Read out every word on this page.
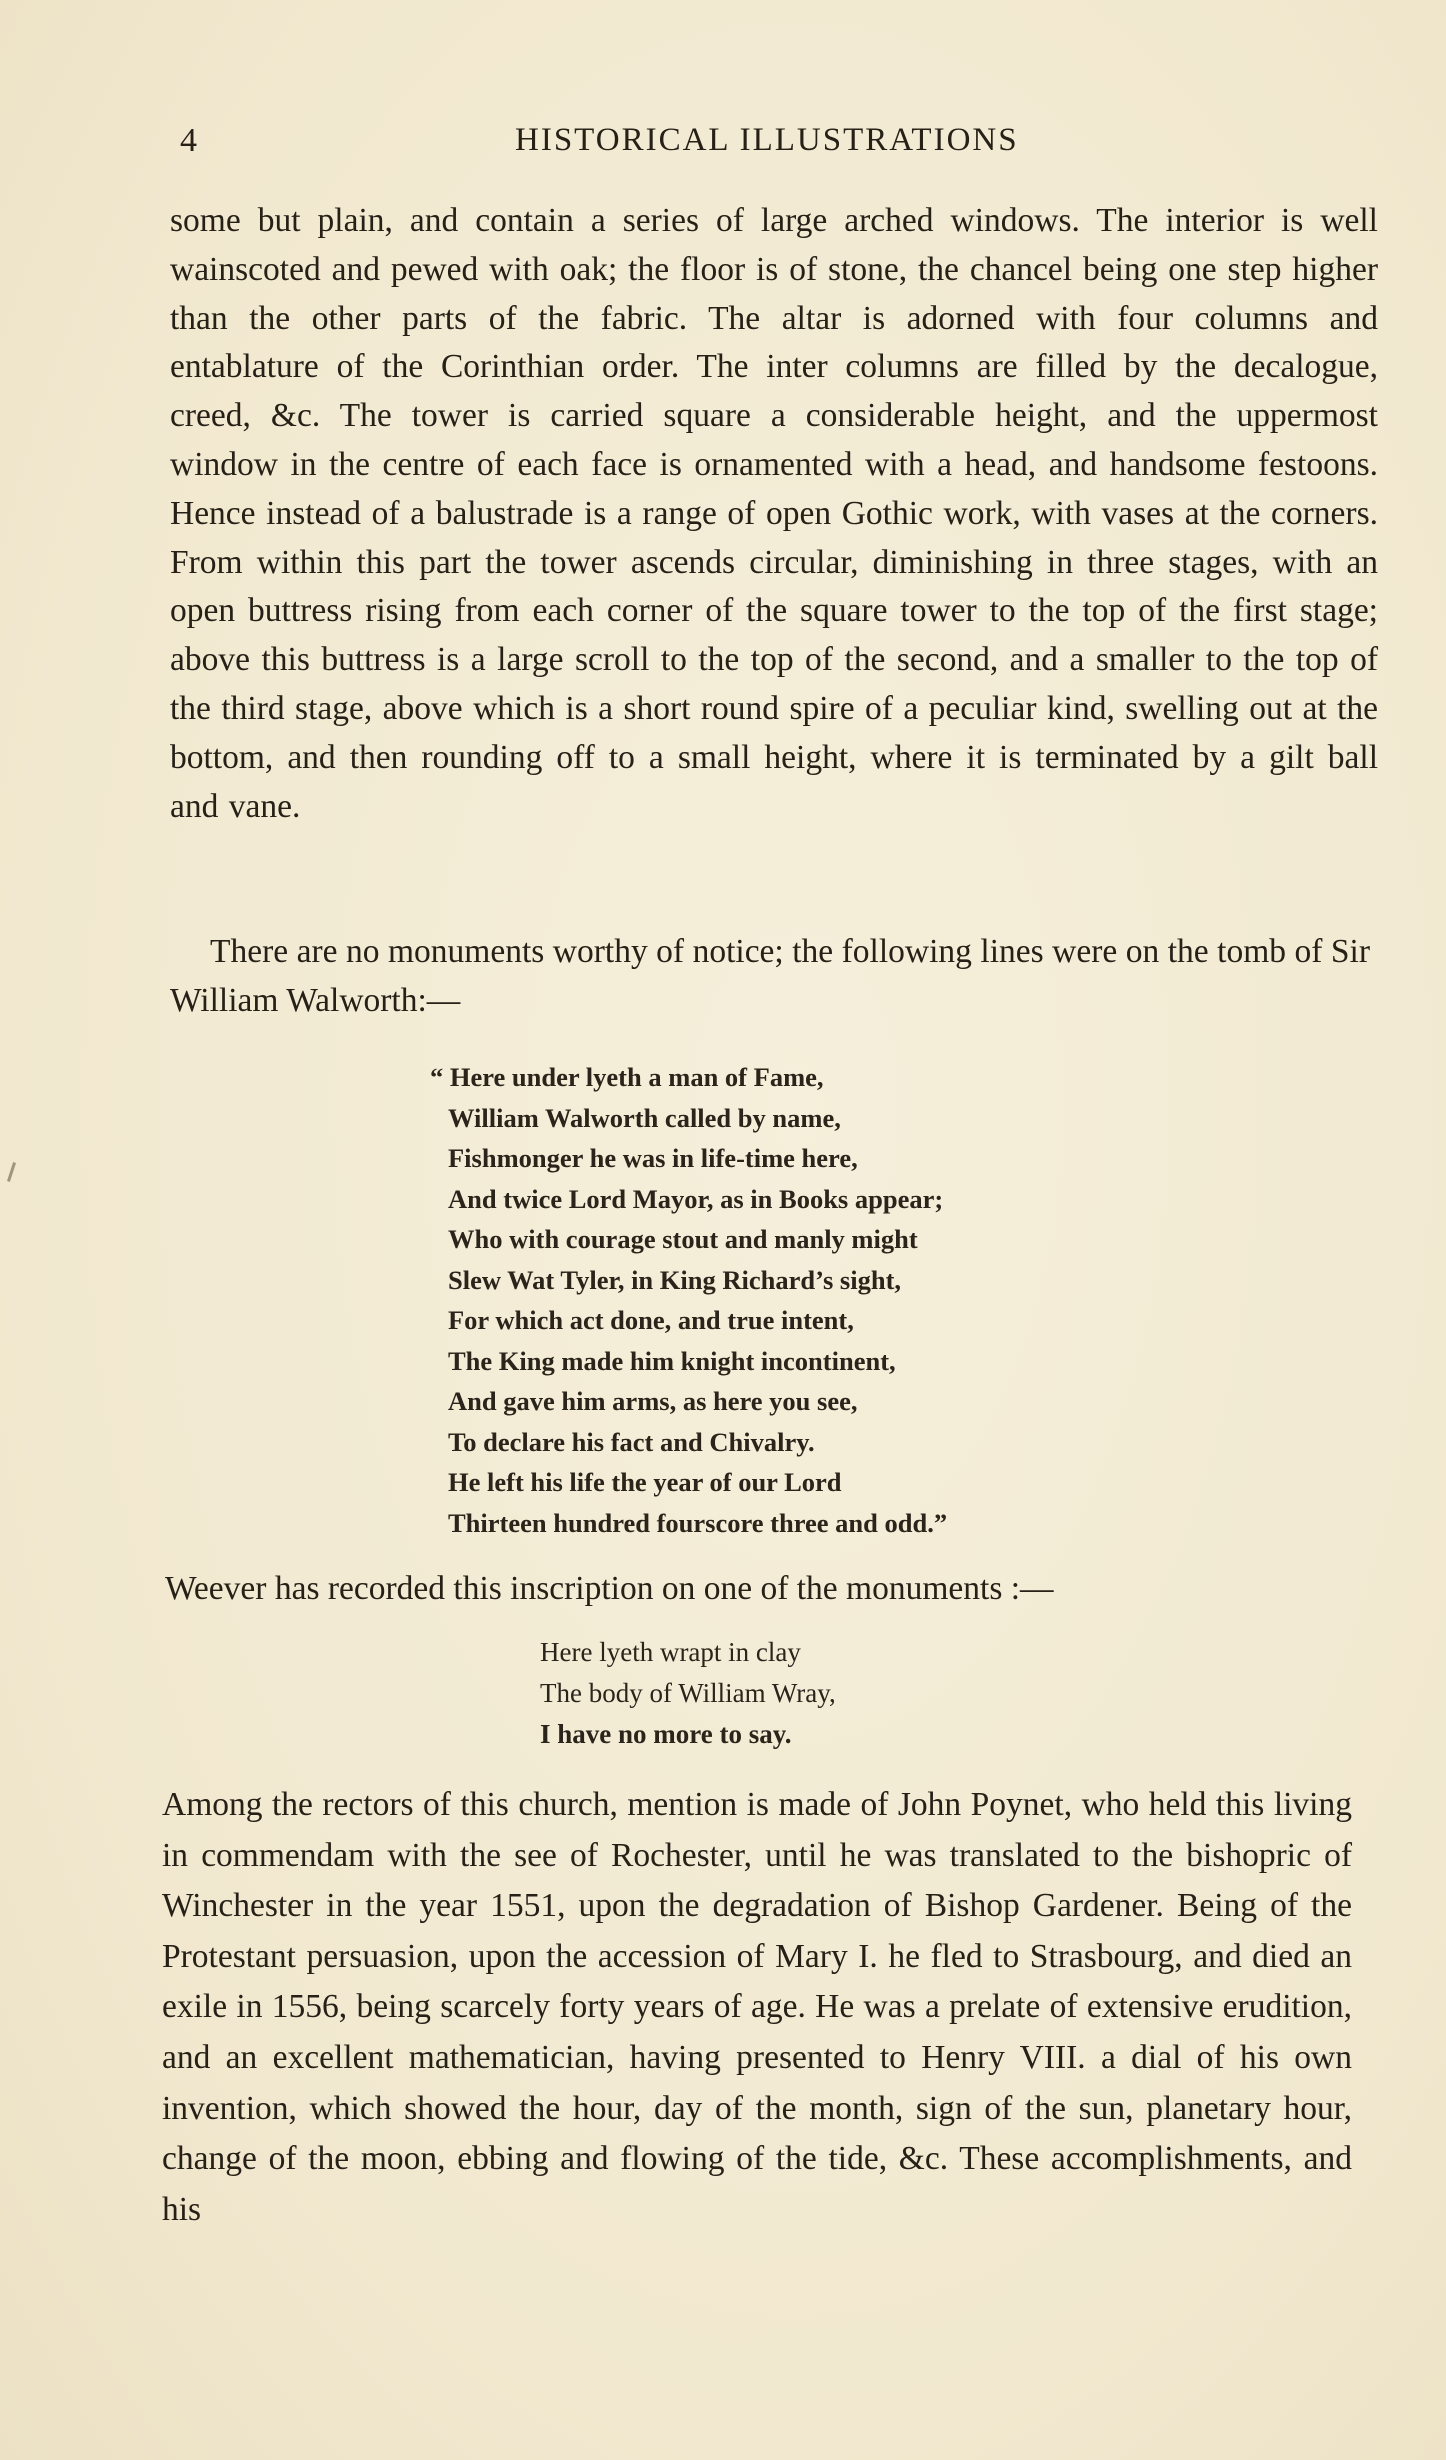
4	HISTORICAL ILLUSTRATIONS

some but plain, and contain a series of large arched windows. The interior is well wainscoted and pewed with oak; the floor is of stone, the chancel being one step higher than the other parts of the fabric. The altar is adorned with four columns and entablature of the Corinthian order. The inter columns are filled by the decalogue, creed, &c. The tower is carried square a considerable height, and the uppermost window in the centre of each face is ornamented with a head, and handsome festoons. Hence instead of a balustrade is a range of open Gothic work, with vases at the corners. From within this part the tower ascends circular, diminishing in three stages, with an open buttress rising from each corner of the square tower to the top of the first stage; above this buttress is a large scroll to the top of the second, and a smaller to the top of the third stage, above which is a short round spire of a peculiar kind, swelling out at the bottom, and then rounding off to a small height, where it is terminated by a gilt ball and vane.

There are no monuments worthy of notice; the following lines were on the tomb of Sir William Walworth:—

“ Here under lyeth a man of Fame,
William Walworth called by name,
Fishmonger he was in life-time here,
And twice Lord Mayor, as in Books appear;
Who with courage stout and manly might
Slew Wat Tyler, in King Richard’s sight,
For which act done, and true intent,
The King made him knight incontinent,
And gave him arms, as here you see,
To declare his fact and Chivalry.
He left his life the year of our Lord
Thirteen hundred fourscore three and odd.”

Weever has recorded this inscription on one of the monuments :—

Here lyeth wrapt in clay
The body of William Wray,
I have no more to say.

Among the rectors of this church, mention is made of John Poynet, who held this living in commendam with the see of Rochester, until he was translated to the bishopric of Winchester in the year 1551, upon the degradation of Bishop Gardener. Being of the Protestant persuasion, upon the accession of Mary I. he fled to Strasbourg, and died an exile in 1556, being scarcely forty years of age. He was a prelate of extensive erudition, and an excellent mathematician, having presented to Henry VIII. a dial of his own invention, which showed the hour, day of the month, sign of the sun, planetary hour, change of the moon, ebbing and flowing of the tide, &c. These accomplishments, and his
